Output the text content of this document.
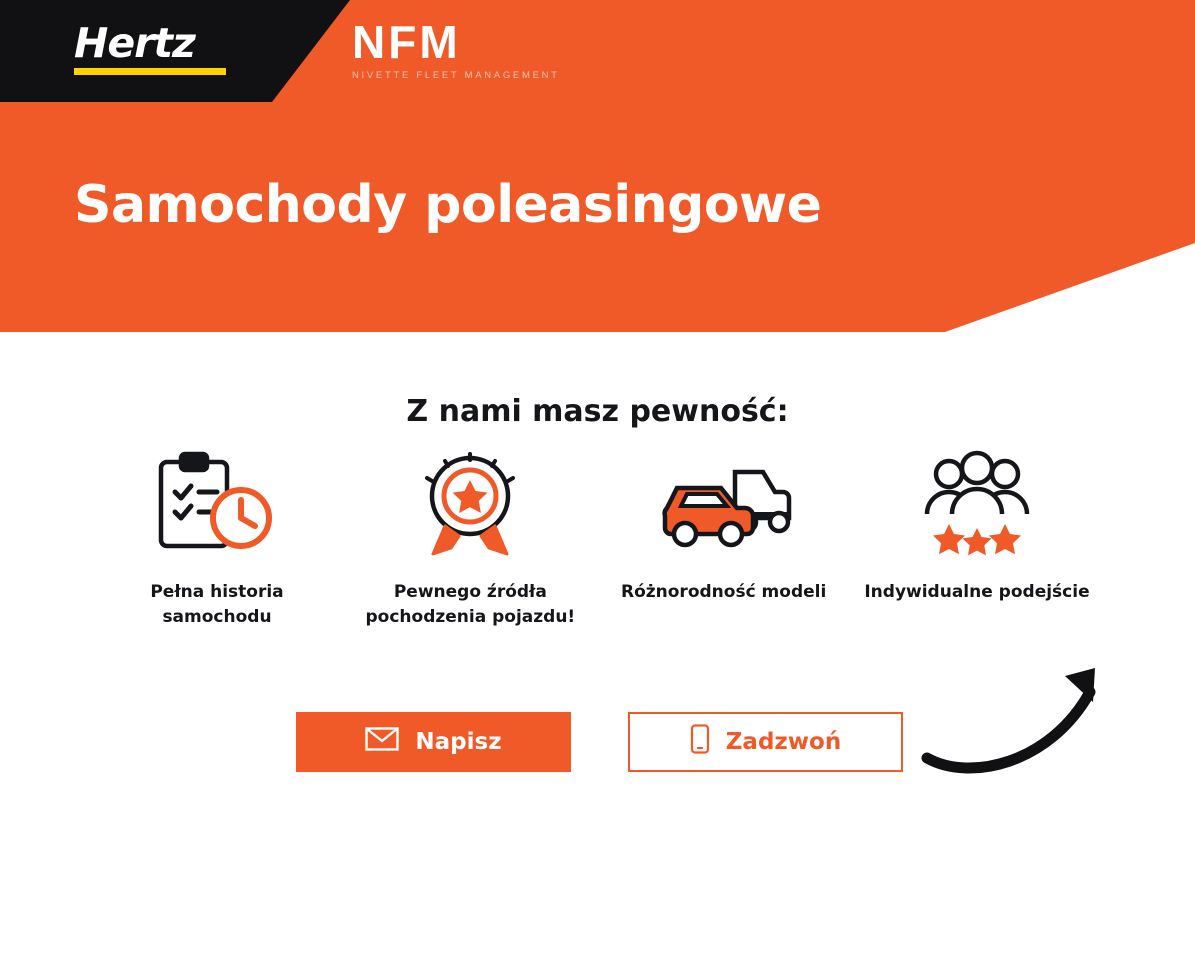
Hertz	NFM
NIVETTE FLEET MANAGEMENT
Samochody poleasingowe
Z nami masz pewność:
Pełna historia samochodu
Pewnego źródła pochodzenia pojazdu!
Różnorodność modeli Indywidualne podejście
Napisz	Zadzwoń
